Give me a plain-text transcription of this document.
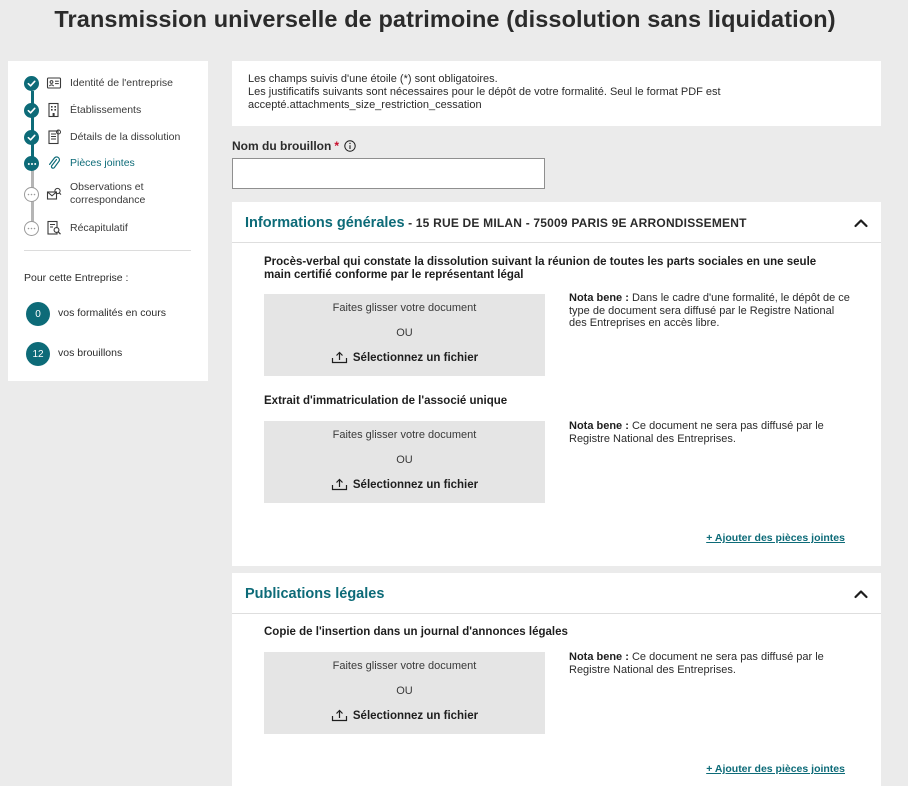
Transmission universelle de patrimoine (dissolution sans liquidation)
Identité de l'entreprise
Établissements
Détails de la dissolution
Pièces jointes
Observations et correspondance
Récapitulatif
Pour cette Entreprise :
0	vos formalités en cours
12	vos brouillons

Les champs suivis d'une étoile (*) sont obligatoires.

Les justificatifs suivants sont nécessaires pour le dépôt de votre formalité. Seul le format PDF est accepté.attachments_size_restriction_cessation

Nom du brouillon *
Informations générales - 15 RUE DE MILAN - 75009 PARIS 9E ARRONDISSEMENT
Procès-verbal qui constate la dissolution suivant la réunion de toutes les parts sociales en une seule main certifié conforme par le représentant légal
Faites glisser votre document
OU
Sélectionnez un fichier
Nota bene : Dans le cadre d'une formalité, le dépôt de ce type de document sera diffusé par le Registre National des Entreprises en accès libre.
Extrait d'immatriculation de l'associé unique
Faites glisser votre document
OU
Sélectionnez un fichier
Nota bene : Ce document ne sera pas diffusé par le Registre National des Entreprises.
+ Ajouter des pièces jointes
Publications légales
Copie de l'insertion dans un journal d'annonces légales
Faites glisser votre document
OU
Sélectionnez un fichier
Nota bene : Ce document ne sera pas diffusé par le Registre National des Entreprises.
+ Ajouter des pièces jointes
